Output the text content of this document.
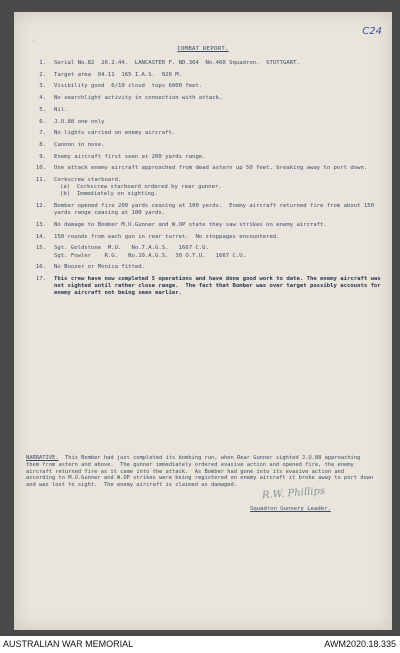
C24
ᐧ
COMBAT REPORT.
1.	Serial No.82  20.2.44.  LANCASTER F. ND.364  No.460 Squadron.  STUTTGART.
2.	Target area  04.11  165 I.A.S.  020 M.
3.	Visibility good  6/10 cloud  tops 6000 feet.
4.	No searchlight activity in connection with attack.
5.	Nil.
6.	J.U.88 one only
7.	No lights carried on enemy aircraft.
8.	Cannon in nose.
9.	Enemy aircraft first seen at 200 yards range.
10.	One attack enemy aircraft approached from dead astern up 50 feet, breaking away to port down.
11.	Corkscrew starboard.
(a)  Corkscrew starboard ordered by rear gunner.
(b)  Immediately on sighting.
12.	Bomber opened fire 200 yards ceasing at 100 yards.  Enemy aircraft returned fire from about 150 yards range ceasing at 100 yards.
13.	No damage to Bomber M.U.Gunner and W.OP state they saw strikes on enemy aircraft.
14.	150 rounds from each gun in rear turret.  No stoppages encountered.
15.	Sgt. Goldstone  M.U.   No.7.A.G.S.   1667 C.U.
Sgt. Fowler    R.G.   No.10.A.G.S.  30 O.T.U.   1667 C.U.
16.	No Boozer or Monica fitted.
17.	This crew have now completed 5 operations and have done good work to date. The enemy aircraft was not sighted until rather close range.  The fact that Bomber was over target possibly accounts for enemy aircraft not being seen earlier.
NARRATIVE.  This Bomber had just completed its bombing run, when Rear Gunner sighted J.U.88 approaching them from astern and above.  The gunner immediately ordered evasive action and opened fire, the enemy aircraft returned fire as it came into the attack.  As Bomber had gone into its evasive action and according to M.U.Gunner and W.OP strikes were being registered on enemy aircraft it broke away to port down and was lost to sight.  The enemy aircraft is claimed as damaged.
R.W. Phillips
Squadron Gunnery Leader.
AUSTRALIAN WAR MEMORIAL	AWM2020.18.335
